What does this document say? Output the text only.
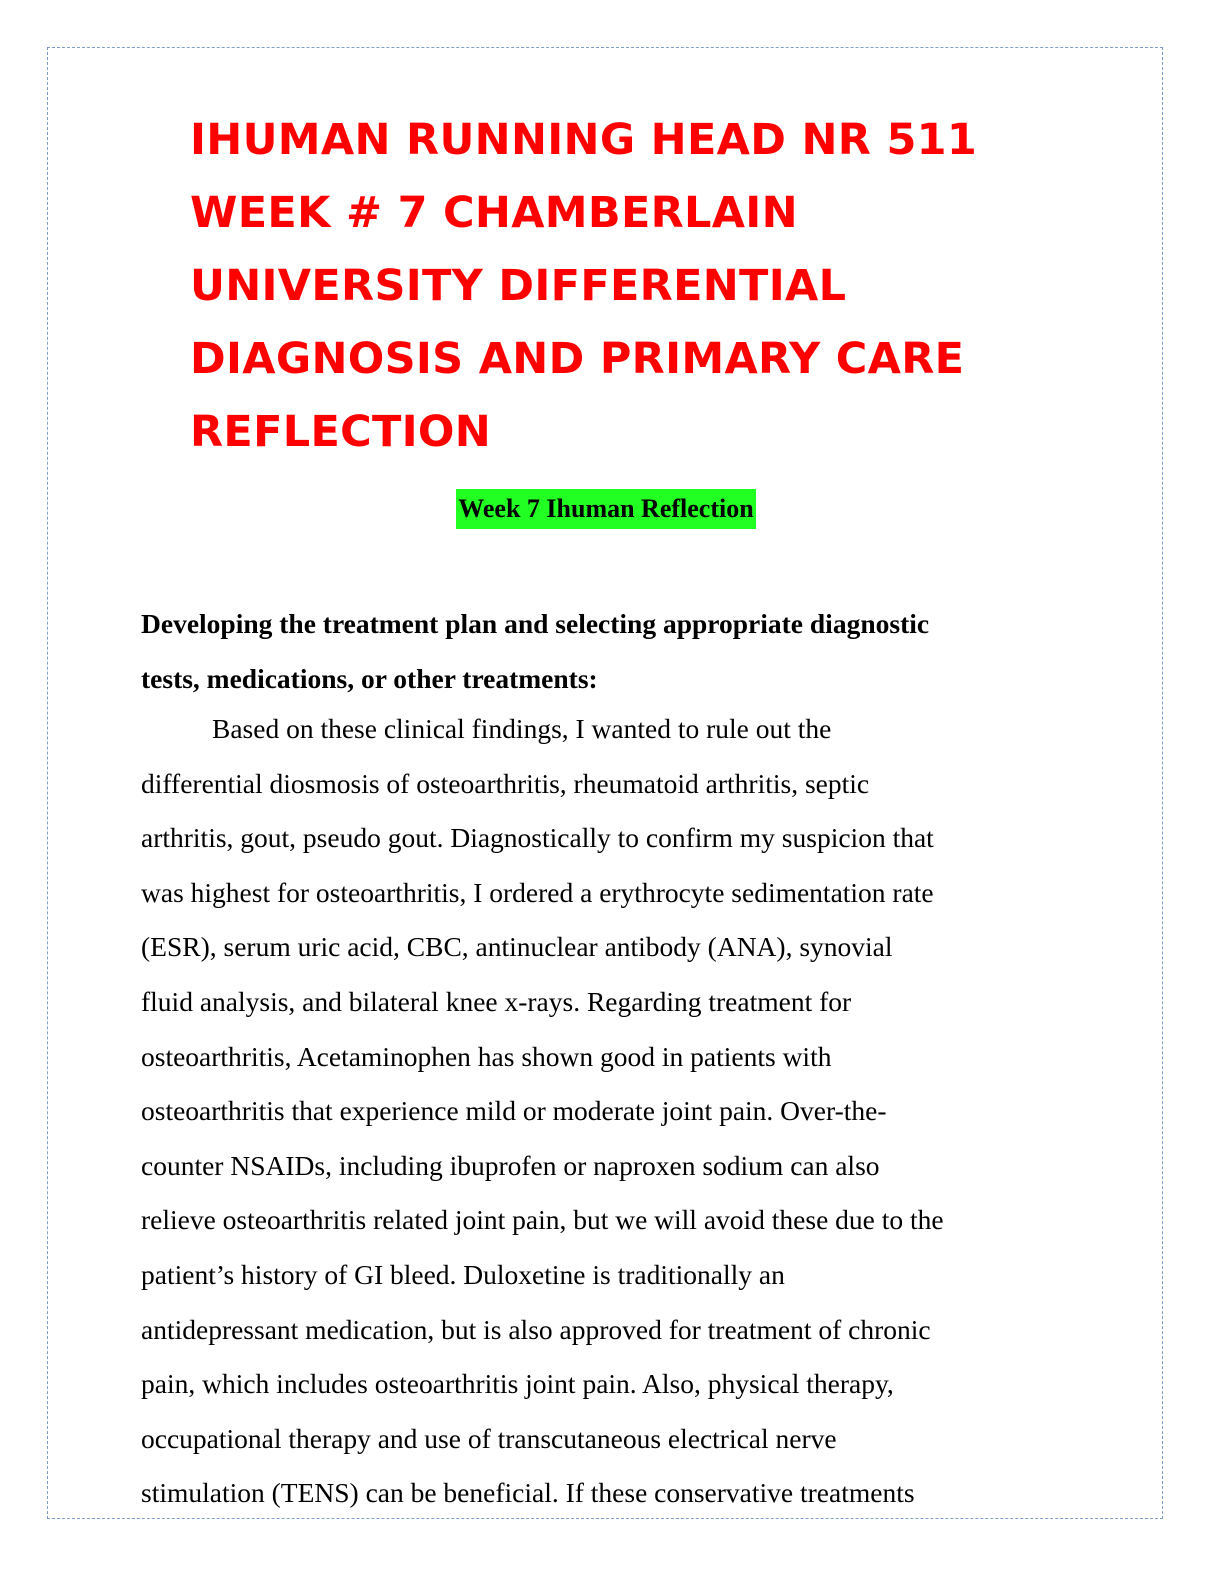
IHUMAN RUNNING HEAD NR 511
WEEK # 7 CHAMBERLAIN
UNIVERSITY DIFFERENTIAL
DIAGNOSIS AND PRIMARY CARE
REFLECTION
Week 7 Ihuman Reflection
Developing the treatment plan and selecting appropriate diagnostic
tests, medications, or other treatments:
Based on these clinical findings, I wanted to rule out the
differential diosmosis of osteoarthritis, rheumatoid arthritis, septic
arthritis, gout, pseudo gout. Diagnostically to confirm my suspicion that
was highest for osteoarthritis, I ordered a erythrocyte sedimentation rate
(ESR), serum uric acid, CBC, antinuclear antibody (ANA), synovial
fluid analysis, and bilateral knee x-rays. Regarding treatment for
osteoarthritis, Acetaminophen has shown good in patients with
osteoarthritis that experience mild or moderate joint pain. Over-the-
counter NSAIDs, including ibuprofen or naproxen sodium can also
relieve osteoarthritis related joint pain, but we will avoid these due to the
patient’s history of GI bleed. Duloxetine is traditionally an
antidepressant medication, but is also approved for treatment of chronic
pain, which includes osteoarthritis joint pain. Also, physical therapy,
occupational therapy and use of transcutaneous electrical nerve
stimulation (TENS) can be beneficial. If these conservative treatments
